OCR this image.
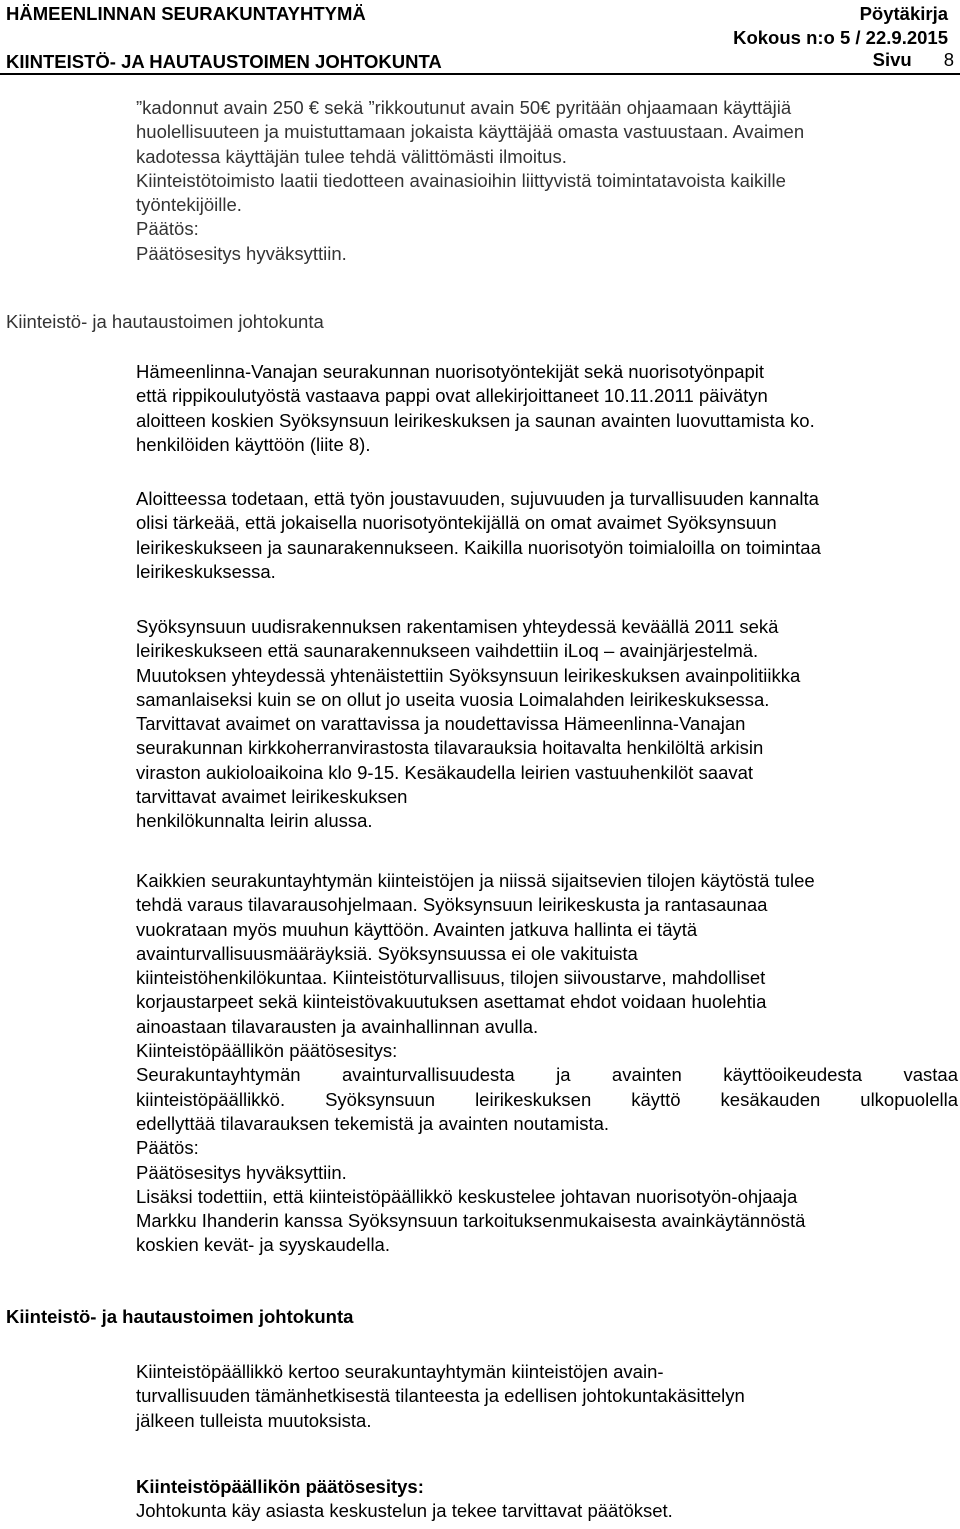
HÄMEENLINNAN SEURAKUNTAYHTYMÄ	Pöytäkirja
Kokous n:o 5 / 22.9.2015
KIINTEISTÖ- JA HAUTAUSTOIMEN JOHTOKUNTA	Sivu 8

”kadonnut avain 250 € sekä ”rikkoutunut avain 50€ pyritään ohjaamaan käyttäjiä

huolellisuuteen ja muistuttamaan jokaista käyttäjää omasta vastuustaan. Avaimen

kadotessa käyttäjän tulee tehdä välittömästi ilmoitus.

Kiinteistötoimisto laatii tiedotteen avainasioihin liittyvistä toimintatavoista kaikille

työntekijöille.

Päätös:

Päätösesitys hyväksyttiin.

Kiinteistö- ja hautaustoimen johtokunta

Hämeenlinna-Vanajan seurakunnan nuorisotyöntekijät sekä nuorisotyönpapit

että rippikoulutyöstä vastaava pappi ovat allekirjoittaneet 10.11.2011 päivätyn

aloitteen koskien Syöksynsuun leirikeskuksen ja saunan avainten luovuttamista ko.

henkilöiden käyttöön (liite 8).

Aloitteessa todetaan, että työn joustavuuden, sujuvuuden ja turvallisuuden kannalta

olisi tärkeää, että jokaisella nuorisotyöntekijällä on omat avaimet Syöksynsuun

leirikeskukseen ja saunarakennukseen. Kaikilla nuorisotyön toimialoilla on toimintaa

leirikeskuksessa.

Syöksynsuun uudisrakennuksen rakentamisen yhteydessä keväällä 2011 sekä

leirikeskukseen että saunarakennukseen vaihdettiin iLoq – avainjärjestelmä.

Muutoksen yhteydessä yhtenäistettiin Syöksynsuun leirikeskuksen avainpolitiikka

samanlaiseksi kuin se on ollut jo useita vuosia Loimalahden leirikeskuksessa.

Tarvittavat avaimet on varattavissa ja noudettavissa Hämeenlinna-Vanajan

seurakunnan kirkkoherranvirastosta tilavarauksia hoitavalta henkilöltä arkisin

viraston aukioloaikoina klo 9-15. Kesäkaudella leirien vastuuhenkilöt saavat

tarvittavat avaimet leirikeskuksen

henkilökunnalta leirin alussa.

Kaikkien seurakuntayhtymän kiinteistöjen ja niissä sijaitsevien tilojen käytöstä tulee

tehdä varaus tilavarausohjelmaan. Syöksynsuun leirikeskusta ja rantasaunaa

vuokrataan myös muuhun käyttöön. Avainten jatkuva hallinta ei täytä

avainturvallisuusmääräyksiä. Syöksynsuussa ei ole vakituista

kiinteistöhenkilökuntaa. Kiinteistöturvallisuus, tilojen siivoustarve, mahdolliset

korjaustarpeet sekä kiinteistövakuutuksen asettamat ehdot voidaan huolehtia

ainoastaan tilavarausten ja avainhallinnan avulla.

Kiinteistöpäällikön päätösesitys:

Seurakuntayhtymän avainturvallisuudesta ja avainten käyttöoikeudesta vastaa

kiinteistöpäällikkö. Syöksynsuun leirikeskuksen käyttö kesäkauden ulkopuolella

edellyttää tilavarauksen tekemistä ja avainten noutamista.

Päätös:

Päätösesitys hyväksyttiin.

Lisäksi todettiin, että kiinteistöpäällikkö keskustelee johtavan nuorisotyön-ohjaaja

Markku Ihanderin kanssa Syöksynsuun tarkoituksenmukaisesta avainkäytännöstä

koskien kevät- ja syyskaudella.

Kiinteistö- ja hautaustoimen johtokunta

Kiinteistöpäällikkö kertoo seurakuntayhtymän kiinteistöjen avain-

turvallisuuden tämänhetkisestä tilanteesta ja edellisen johtokuntakäsittelyn

jälkeen tulleista muutoksista.

Kiinteistöpäällikön päätösesitys:

Johtokunta käy asiasta keskustelun ja tekee tarvittavat päätökset.
